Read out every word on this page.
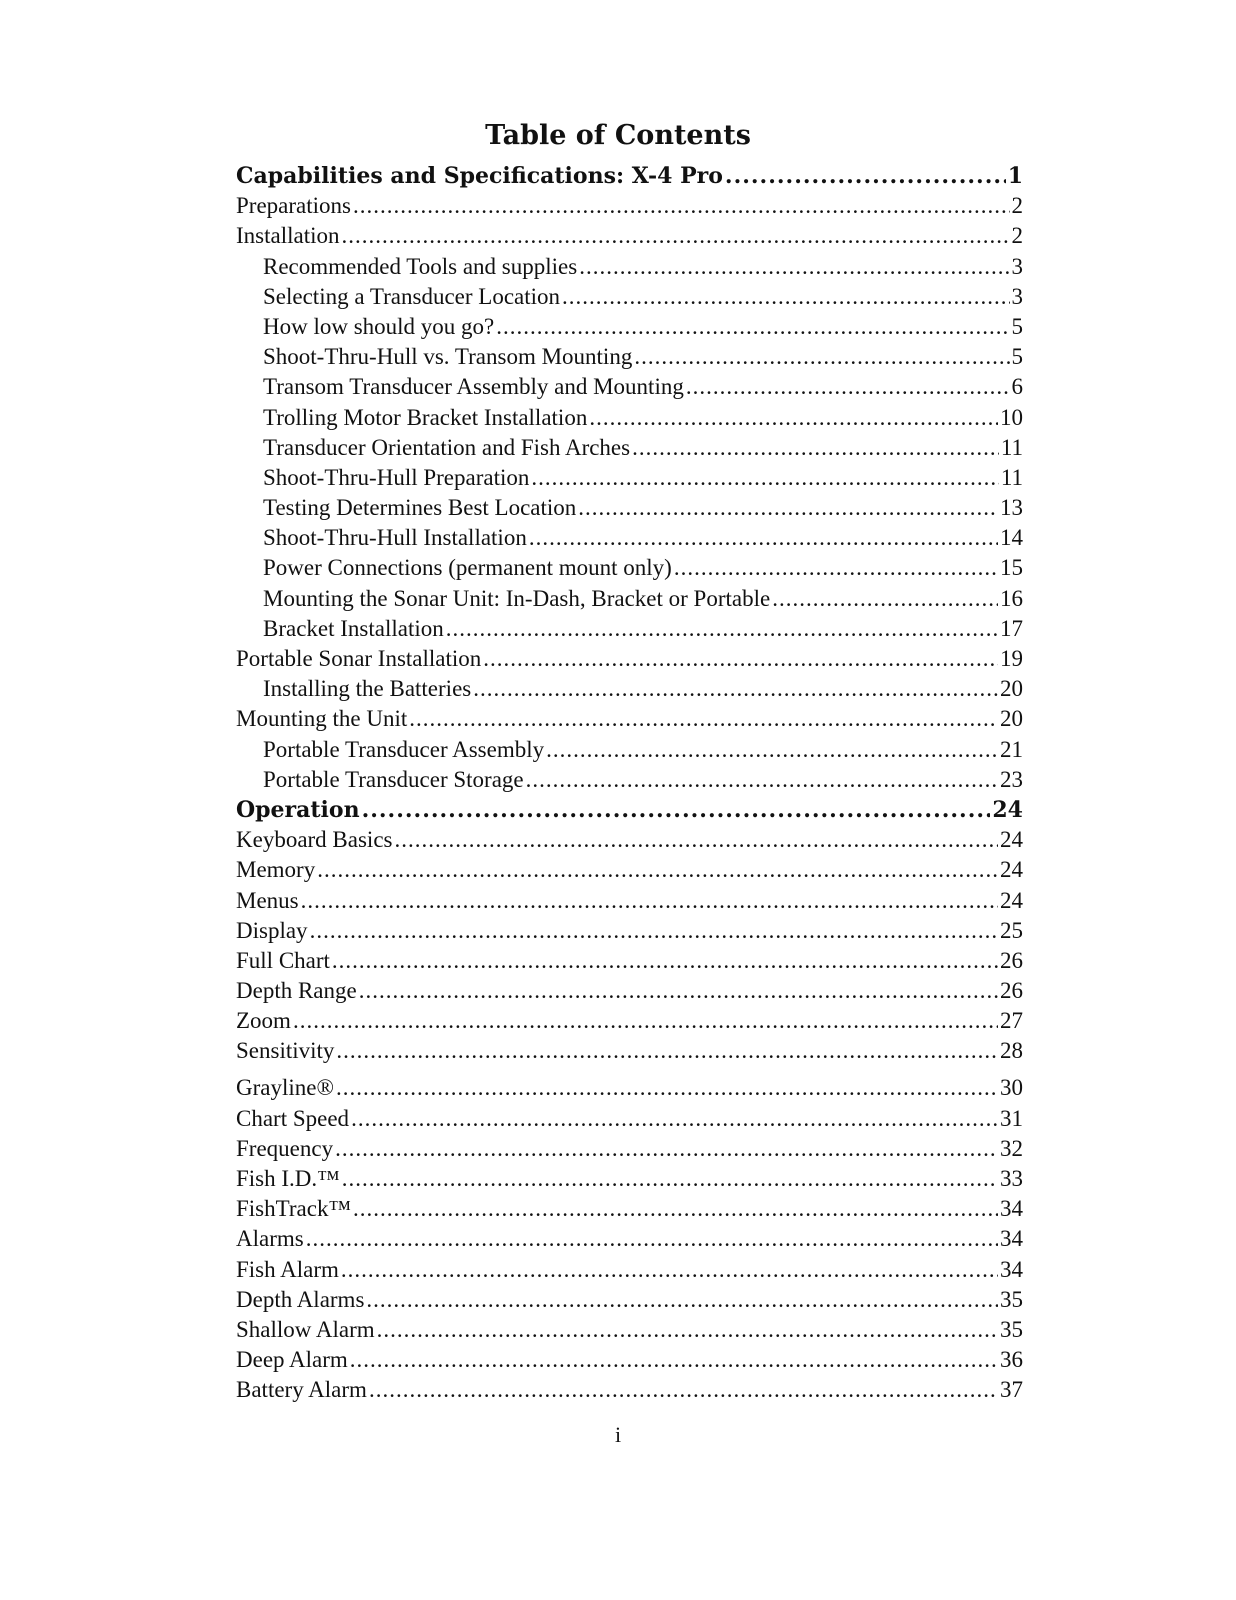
Table of Contents
Capabilities and Specifications: X-4 Pro .....	1
Preparations .....	2
Installation .....	2
Recommended Tools and supplies .....	3
Selecting a Transducer Location .....	3
How low should you go? .....	5
Shoot-Thru-Hull vs. Transom Mounting .....	5
Transom Transducer Assembly and Mounting .....	6
Trolling Motor Bracket Installation .....	10
Transducer Orientation and Fish Arches .....	11
Shoot-Thru-Hull Preparation .....	11
Testing Determines Best Location .....	13
Shoot-Thru-Hull Installation .....	14
Power Connections (permanent mount only) .....	15
Mounting the Sonar Unit: In-Dash, Bracket or Portable .....	16
Bracket Installation .....	17
Portable Sonar Installation .....	19
Installing the Batteries .....	20
Mounting the Unit .....	20
Portable Transducer Assembly .....	21
Portable Transducer Storage .....	23
Operation .....	24
Keyboard Basics .....	24
Memory .....	24
Menus .....	24
Display .....	25
Full Chart .....	26
Depth Range .....	26
Zoom .....	27
Sensitivity .....	28
Grayline® .....	30
Chart Speed .....	31
Frequency .....	32
Fish I.D.™ .....	33
FishTrack™ .....	34
Alarms .....	34
Fish Alarm .....	34
Depth Alarms .....	35
Shallow Alarm .....	35
Deep Alarm .....	36
Battery Alarm .....	37
i
